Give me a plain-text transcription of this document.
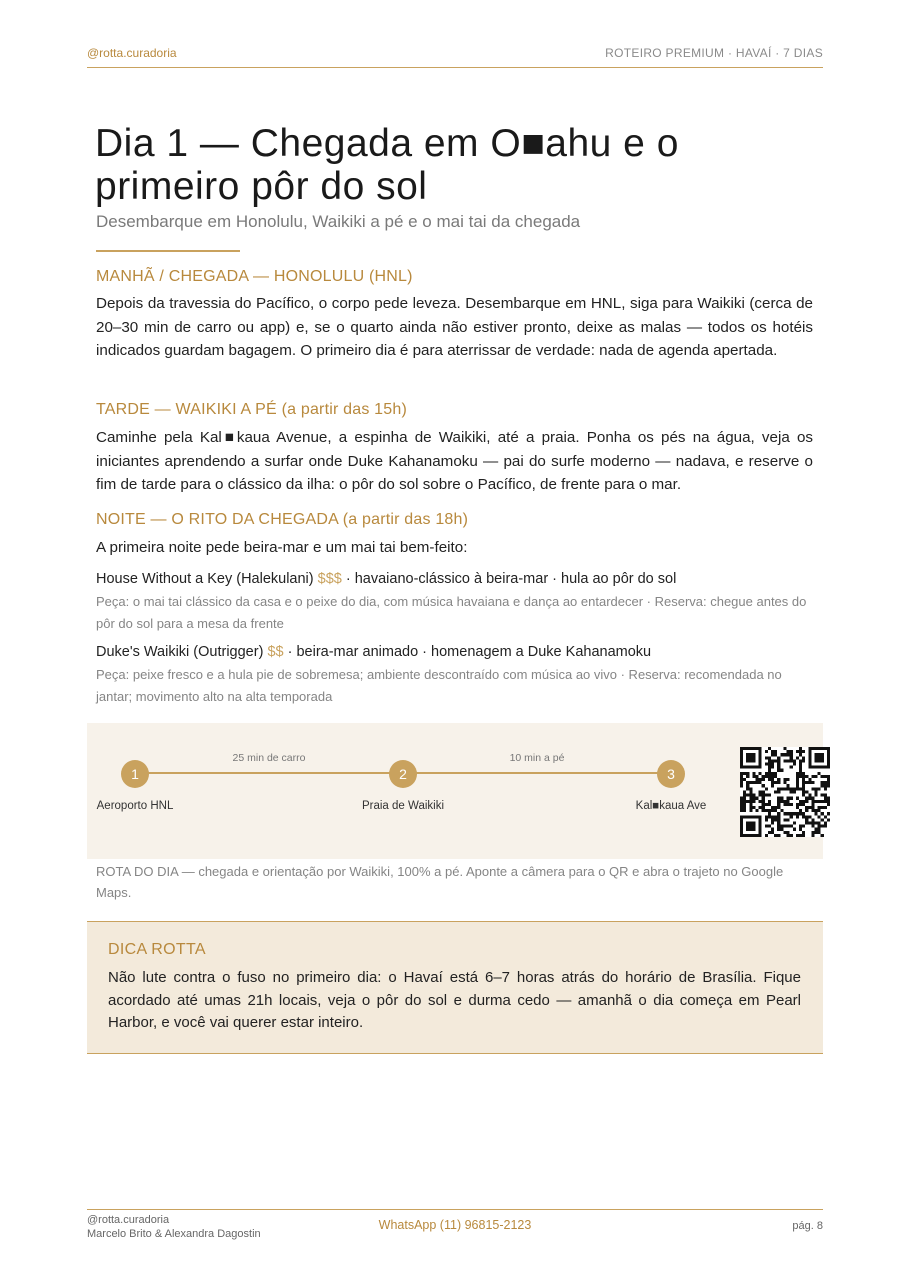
@rotta.curadoria	ROTEIRO PREMIUM · HAVAÍ · 7 DIAS
Dia 1 — Chegada em O■ahu e o primeiro pôr do sol
Desembarque em Honolulu, Waikiki a pé e o mai tai da chegada
MANHÃ / CHEGADA — HONOLULU (HNL)
Depois da travessia do Pacífico, o corpo pede leveza. Desembarque em HNL, siga para Waikiki (cerca de 20–30 min de carro ou app) e, se o quarto ainda não estiver pronto, deixe as malas — todos os hotéis indicados guardam bagagem. O primeiro dia é para aterrissar de verdade: nada de agenda apertada.
TARDE — WAIKIKI A PÉ (a partir das 15h)
Caminhe pela Kal■kaua Avenue, a espinha de Waikiki, até a praia. Ponha os pés na água, veja os iniciantes aprendendo a surfar onde Duke Kahanamoku — pai do surfe moderno — nadava, e reserve o fim de tarde para o clássico da ilha: o pôr do sol sobre o Pacífico, de frente para o mar.
NOITE — O RITO DA CHEGADA (a partir das 18h)
A primeira noite pede beira-mar e um mai tai bem-feito:
House Without a Key (Halekulani) $$$ · havaiano-clássico à beira-mar · hula ao pôr do sol
Peça: o mai tai clássico da casa e o peixe do dia, com música havaiana e dança ao entardecer · Reserva: chegue antes do pôr do sol para a mesa da frente
Duke's Waikiki (Outrigger) $$ · beira-mar animado · homenagem a Duke Kahanamoku
Peça: peixe fresco e a hula pie de sobremesa; ambiente descontraído com música ao vivo · Reserva: recomendada no jantar; movimento alto na alta temporada
25 min de carro	10 min a pé
1	2	3
Aeroporto HNL	Praia de Waikiki	Kal■kaua Ave
ROTA DO DIA — chegada e orientação por Waikiki, 100% a pé. Aponte a câmera para o QR e abra o trajeto no Google Maps.
DICA ROTTA
Não lute contra o fuso no primeiro dia: o Havaí está 6–7 horas atrás do horário de Brasília. Fique acordado até umas 21h locais, veja o pôr do sol e durma cedo — amanhã o dia começa em Pearl Harbor, e você vai querer estar inteiro.
@rotta.curadoria
Marcelo Brito & Alexandra Dagostin
WhatsApp (11) 96815-2123	pág. 8
